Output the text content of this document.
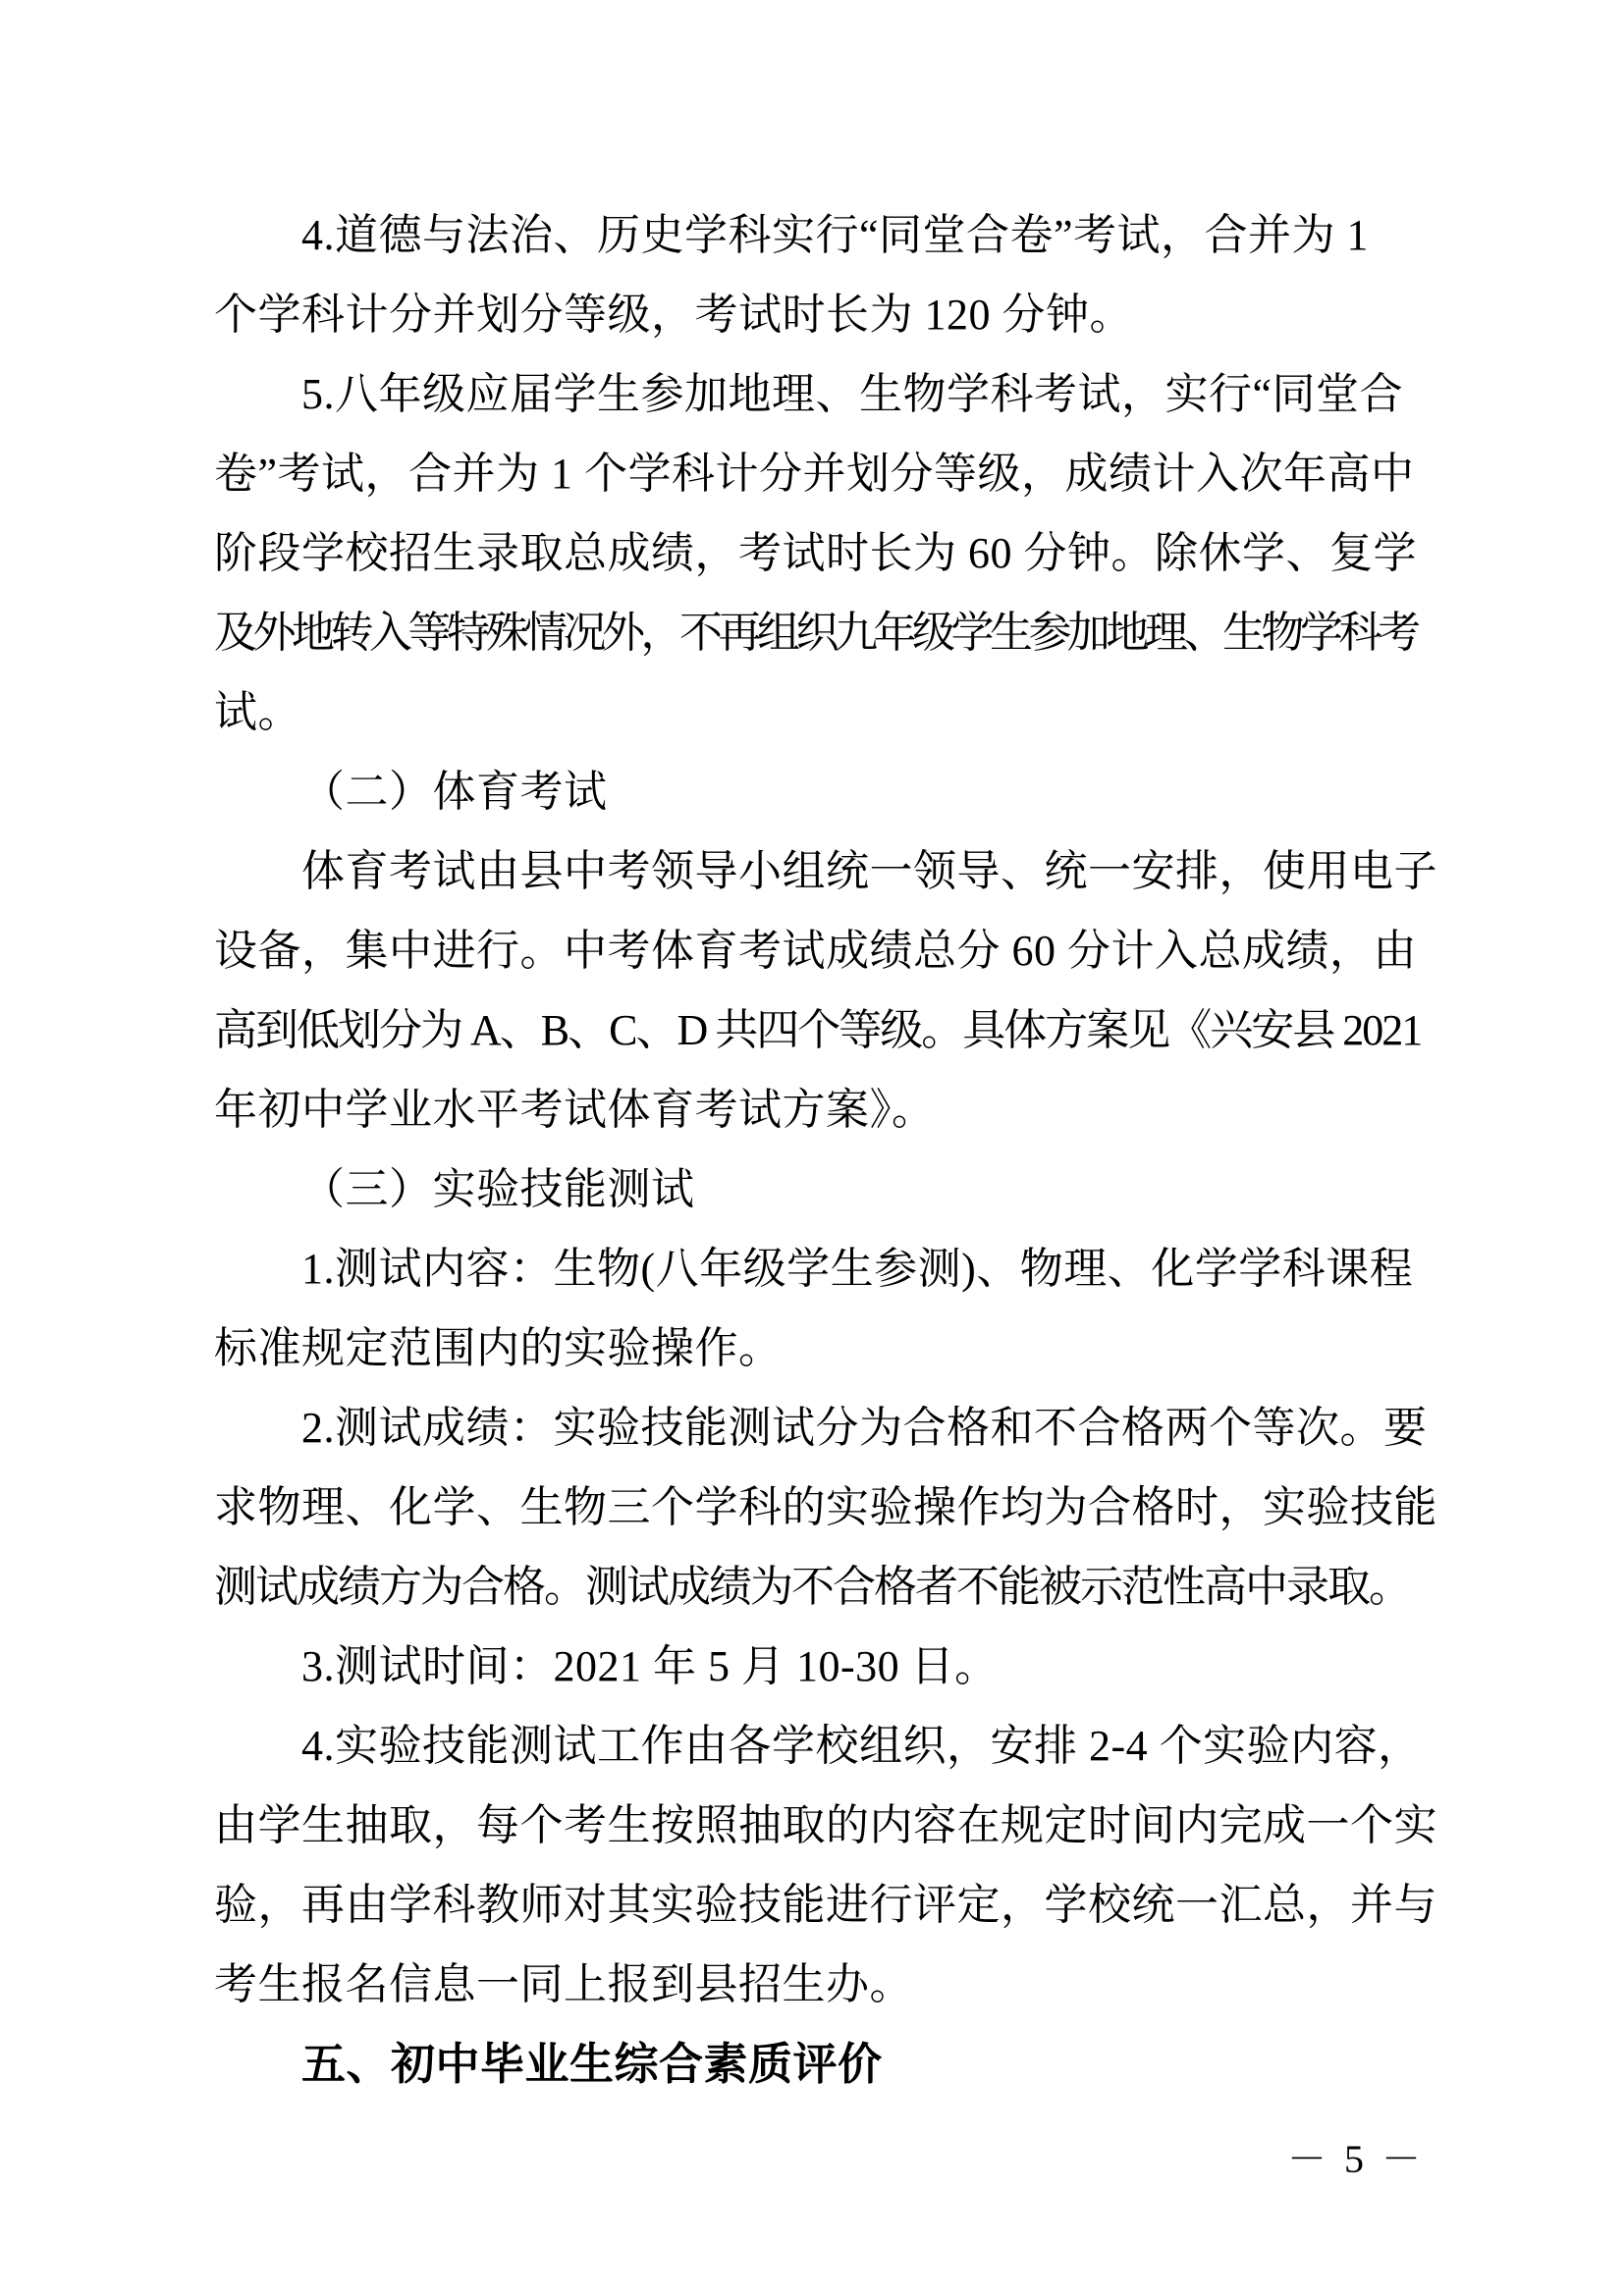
4.道德与法治、历史学科实行“同堂合卷”考试，合并为 1
个学科计分并划分等级，考试时长为 120 分钟。
5.八年级应届学生参加地理、生物学科考试，实行“同堂合
卷”考试，合并为 1 个学科计分并划分等级，成绩计入次年高中
阶段学校招生录取总成绩，考试时长为 60 分钟。除休学、复学
及外地转入等特殊情况外，不再组织九年级学生参加地理、生物学科考
试。
（二）体育考试
体育考试由县中考领导小组统一领导、统一安排，使用电子
设备，集中进行。中考体育考试成绩总分 60 分计入总成绩，由
高到低划分为 A、B、C、D 共四个等级。具体方案见《兴安县 2021
年初中学业水平考试体育考试方案》。
（三）实验技能测试
1.测试内容：生物(八年级学生参测)、物理、化学学科课程
标准规定范围内的实验操作。
2.测试成绩：实验技能测试分为合格和不合格两个等次。要
求物理、化学、生物三个学科的实验操作均为合格时，实验技能
测试成绩方为合格。测试成绩为不合格者不能被示范性高中录取。
3.测试时间：2021 年 5 月 10-30 日。
4.实验技能测试工作由各学校组织，安排 2-4 个实验内容，
由学生抽取，每个考生按照抽取的内容在规定时间内完成一个实
验，再由学科教师对其实验技能进行评定，学校统一汇总，并与
考生报名信息一同上报到县招生办。
五、初中毕业生综合素质评价
－ 5 －
